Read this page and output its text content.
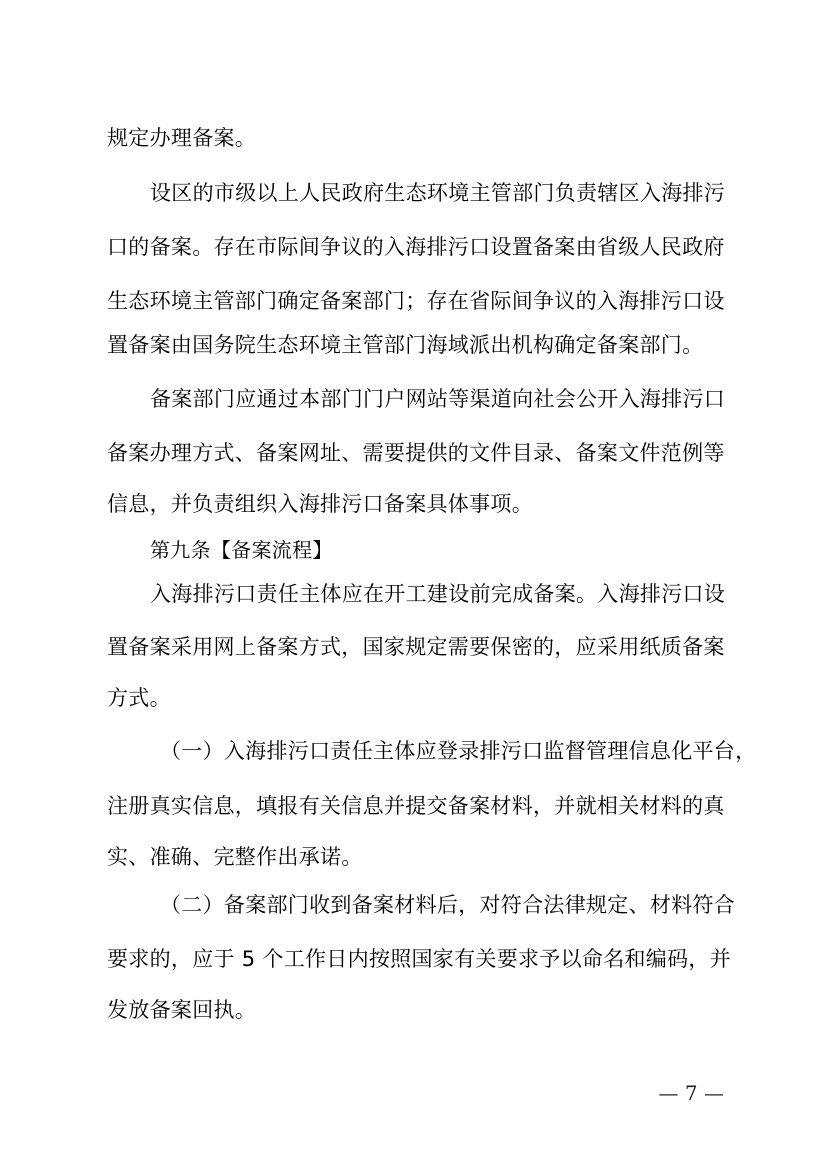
规定办理备案。
设区的市级以上人民政府生态环境主管部门负责辖区入海排污
口的备案。存在市际间争议的入海排污口设置备案由省级人民政府
生态环境主管部门确定备案部门；存在省际间争议的入海排污口设
置备案由国务院生态环境主管部门海域派出机构确定备案部门。
备案部门应通过本部门门户网站等渠道向社会公开入海排污口
备案办理方式、备案网址、需要提供的文件目录、备案文件范例等
信息，并负责组织入海排污口备案具体事项。
第九条【备案流程】
入海排污口责任主体应在开工建设前完成备案。入海排污口设
置备案采用网上备案方式，国家规定需要保密的，应采用纸质备案
方式。
（一）入海排污口责任主体应登录排污口监督管理信息化平台，
注册真实信息，填报有关信息并提交备案材料，并就相关材料的真
实、准确、完整作出承诺。
（二）备案部门收到备案材料后，对符合法律规定、材料符合
要求的，应于 5 个工作日内按照国家有关要求予以命名和编码，并
发放备案回执。
— 7 —
